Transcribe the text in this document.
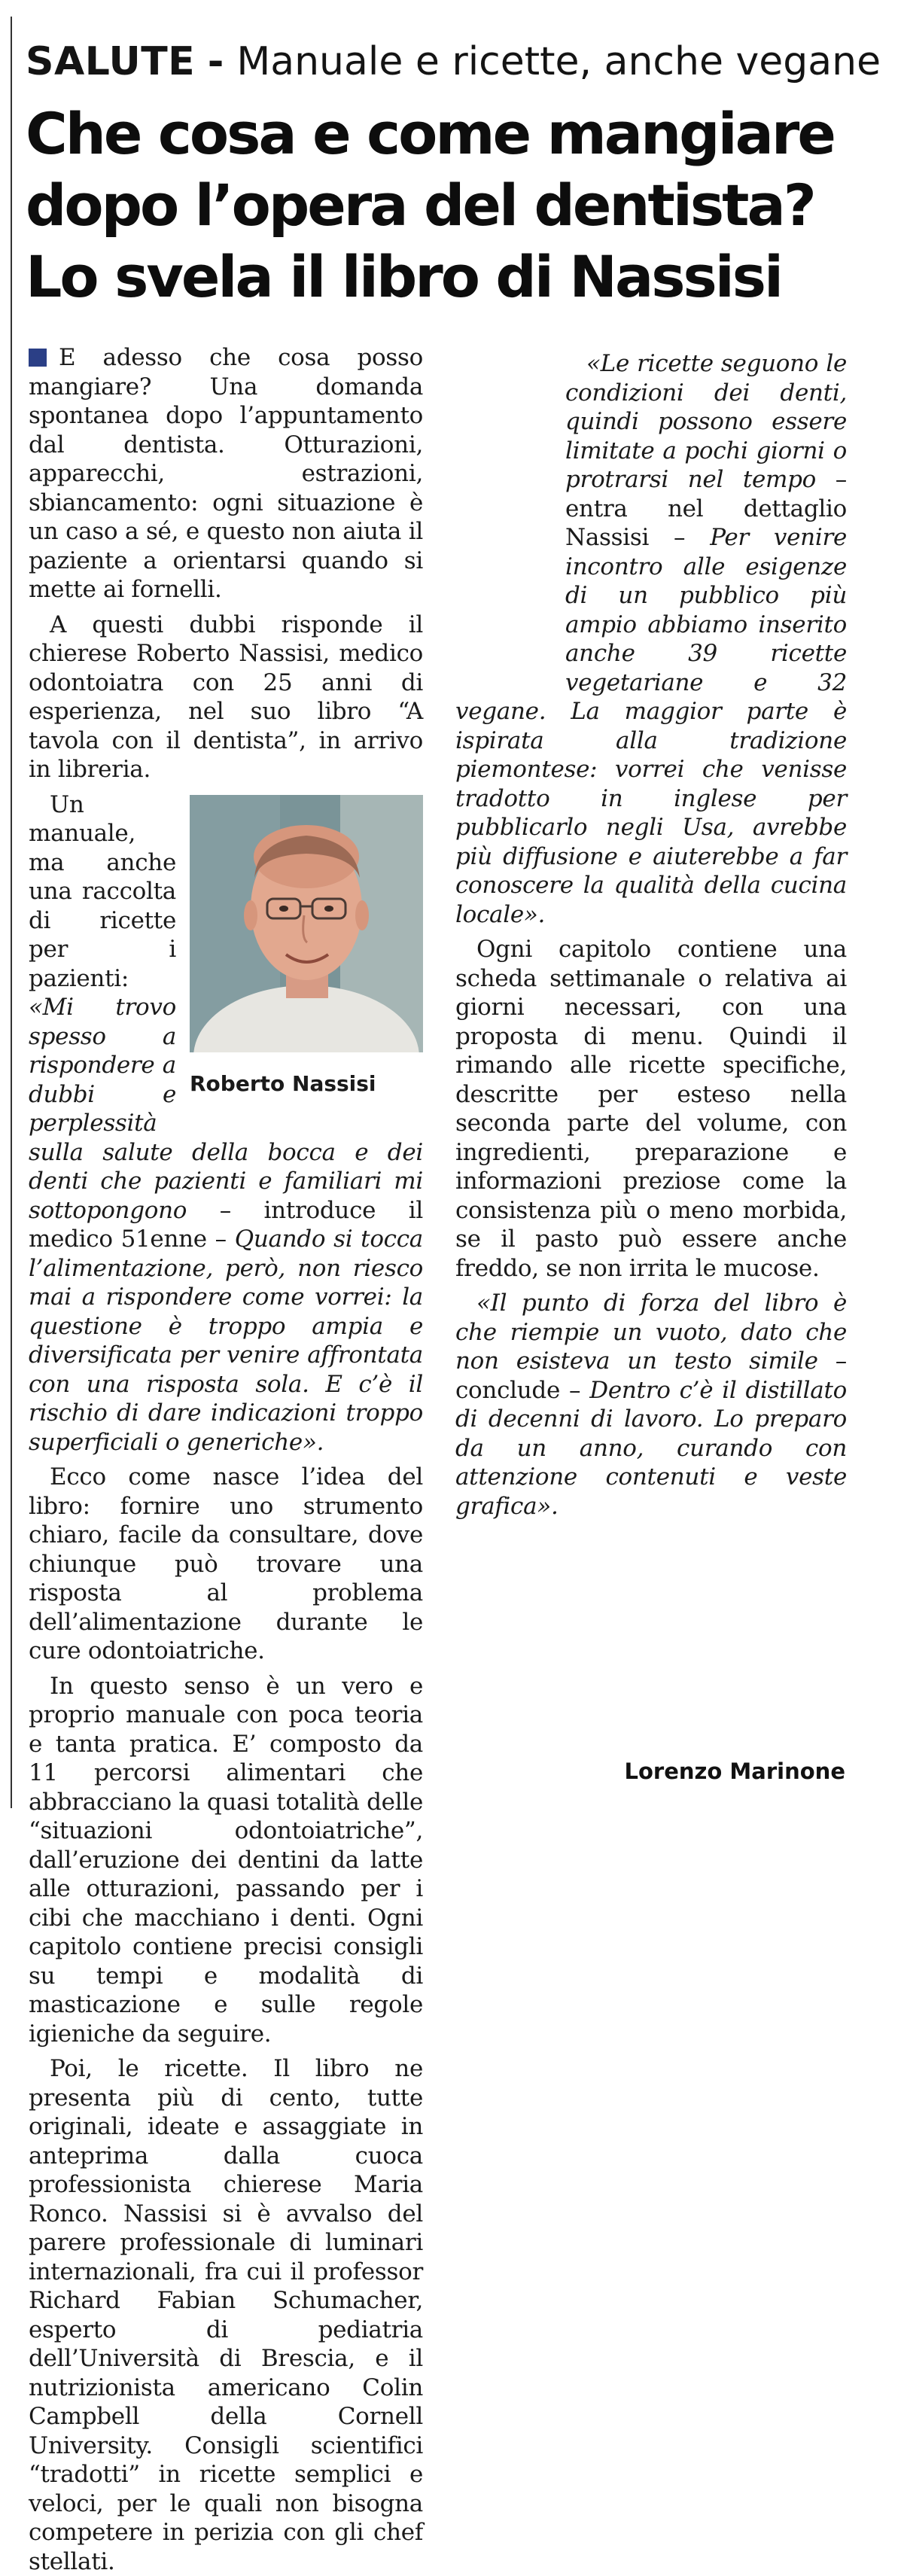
SALUTE - Manuale e ricette, anche vegane
Che cosa e come mangiare
dopo l’opera del dentista?
Lo svela il libro di Nassisi

E adesso che cosa posso mangiare? Una domanda spontanea dopo l’appuntamento dal dentista. Otturazioni, apparecchi, estrazioni, sbiancamento: ogni situazione è un caso a sé, e questo non aiuta il paziente a orientarsi quando si mette ai fornelli.

A questi dubbi risponde il chierese Roberto Nassisi, medico odontoiatra con 25 anni di esperienza, nel suo libro “A tavola con il dentista”, in arrivo in libreria.

Roberto Nassisi
Un manuale, ma anche una raccolta di ricette per i pazienti: «Mi trovo spesso a rispondere a dubbi e perplessità sulla salute della bocca e dei denti che pazienti e familiari mi sottopongono – introduce il medico 51enne – Quando si tocca l’alimentazione, però, non riesco mai a rispondere come vorrei: la questione è troppo ampia e diversificata per venire affrontata con una risposta sola. E c’è il rischio di dare indicazioni troppo superficiali o generiche».

Ecco come nasce l’idea del libro: fornire uno strumento chiaro, facile da consultare, dove chiunque può trovare una risposta al problema dell’alimentazione durante le cure odontoiatriche.

In questo senso è un vero e proprio manuale con poca teoria e tanta pratica. E’ composto da 11 percorsi alimentari che abbracciano la quasi totalità delle “situazioni odontoiatriche”, dall’eruzione dei dentini da latte alle otturazioni, passando per i cibi che macchiano i denti. Ogni capitolo contiene precisi consigli su tempi e modalità di masticazione e sulle regole igieniche da seguire.

Poi, le ricette. Il libro ne presenta più di cento, tutte originali, ideate e assaggiate in anteprima dalla cuoca professionista chierese Maria Ronco. Nassisi si è avvalso del parere professionale di luminari internazionali, fra cui il professor Richard Fabian Schumacher, esperto di pediatria dell’Università di Brescia, e il nutrizionista americano Colin Campbell della Cornell University. Consigli scientifici “tradotti” in ricette semplici e veloci, per le quali non bisogna competere in perizia con gli chef stellati.

«Le ricette seguono le condizioni dei denti, quindi possono essere limitate a pochi giorni o protrarsi nel tempo – entra nel dettaglio Nassisi – Per venire incontro alle esigenze di un pubblico più ampio abbiamo inserito anche 39 ricette vegetariane e 32 vegane. La maggior parte è ispirata alla tradizione piemontese: vorrei che venisse tradotto in inglese per pubblicarlo negli Usa, avrebbe più diffusione e aiuterebbe a far conoscere la qualità della cucina locale».

Ogni capitolo contiene una scheda settimanale o relativa ai giorni necessari, con una proposta di menu. Quindi il rimando alle ricette specifiche, descritte per esteso nella seconda parte del volume, con ingredienti, preparazione e informazioni preziose come la consistenza più o meno morbida, se il pasto può essere anche freddo, se non irrita le mucose.

«Il punto di forza del libro è che riempie un vuoto, dato che non esisteva un testo simile – conclude – Dentro c’è il distillato di decenni di lavoro. Lo preparo da un anno, curando con attenzione contenuti e veste grafica».

Lorenzo Marinone
